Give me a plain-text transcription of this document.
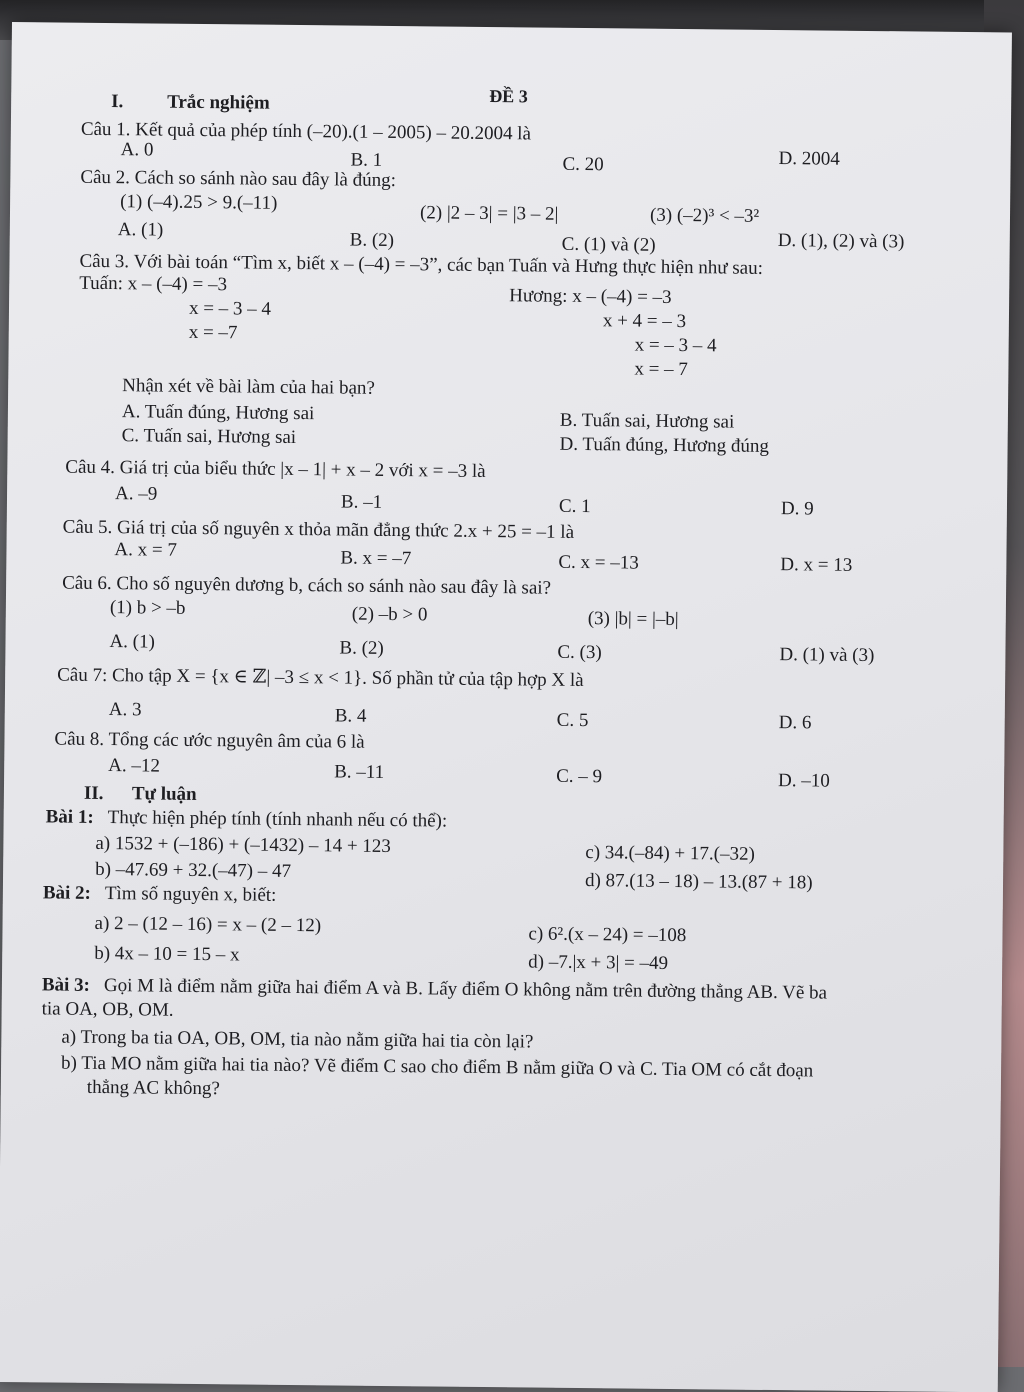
ĐỀ 3
I. Trắc nghiệm
Câu 1. Kết quả của phép tính (–20).(1 – 2005) – 20.2004 là
A. 0	B. 1	C. 20	D. 2004
Câu 2. Cách so sánh nào sau đây là đúng:
(1) (–4).25 > 9.(–11)	(2) |2 – 3| = |3 – 2|	(3) (–2)³ < –3²
A. (1)	B. (2)	C. (1) và (2)	D. (1), (2) và (3)
Câu 3. Với bài toán “Tìm x, biết x – (–4) = –3”, các bạn Tuấn và Hưng thực hiện như sau:
Tuấn: x – (–4) = –3
x = – 3 – 4
x = –7
Hương: x – (–4) = –3
x + 4 = – 3
x = – 3 – 4
x = – 7
Nhận xét về bài làm của hai bạn?
A. Tuấn đúng, Hương sai	B. Tuấn sai, Hương sai
C. Tuấn sai, Hương sai	D. Tuấn đúng, Hương đúng
Câu 4. Giá trị của biểu thức |x – 1| + x – 2 với x = –3 là
A. –9	B. –1	C. 1	D. 9
Câu 5. Giá trị của số nguyên x thỏa mãn đẳng thức 2.x + 25 = –1 là
A. x = 7	B. x = –7	C. x = –13	D. x = 13
Câu 6. Cho số nguyên dương b, cách so sánh nào sau đây là sai?
(1) b > –b	(2) –b > 0	(3) |b| = |–b|
A. (1)	B. (2)	C. (3)	D. (1) và (3)
Câu 7: Cho tập X = {x ∈ ℤ| –3 ≤ x < 1}. Số phần tử của tập hợp X là
A. 3	B. 4	C. 5	D. 6
Câu 8. Tổng các ước nguyên âm của 6 là
A. –12	B. –11	C. – 9	D. –10
II. Tự luận
Bài 1: Thực hiện phép tính (tính nhanh nếu có thể):
a) 1532 + (–186) + (–1432) – 14 + 123
b) –47.69 + 32.(–47) – 47
c) 34.(–84) + 17.(–32)
d) 87.(13 – 18) – 13.(87 + 18)
Bài 2: Tìm số nguyên x, biết:
a) 2 – (12 – 16) = x – (2 – 12)
b) 4x – 10 = 15 – x
c) 6².(x – 24) = –108
d) –7.|x + 3| = –49
Bài 3: Gọi M là điểm nằm giữa hai điểm A và B. Lấy điểm O không nằm trên đường thẳng AB. Vẽ ba
tia OA, OB, OM.
a) Trong ba tia OA, OB, OM, tia nào nằm giữa hai tia còn lại?
b) Tia MO nằm giữa hai tia nào? Vẽ điểm C sao cho điểm B nằm giữa O và C. Tia OM có cắt đoạn
thẳng AC không?
